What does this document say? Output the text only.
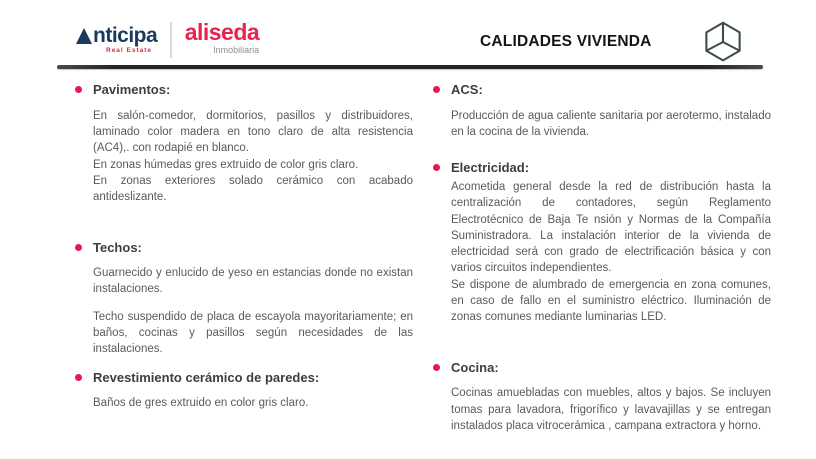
nticipa
Real Estate
aliseda
Inmobiliaria	CALIDADES VIVIENDA
Pavimentos:

En salón-comedor, dormitorios, pasillos y distribuidores, laminado color madera en tono claro de alta resistencia (AC4),. con rodapié en blanco.

En zonas húmedas gres extruido de color gris claro.

En zonas exteriores solado cerámico con acabado antideslizante.

Techos:

Guarnecido y enlucido de yeso en estancias donde no existan instalaciones.

Techo suspendido de placa de escayola mayoritariamente; en baños, cocinas y pasillos según necesidades de las instalaciones.

Revestimiento cerámico de paredes:

Baños de gres extruido en color gris claro.

ACS:

Producción de agua caliente sanitaria por aerotermo, instalado en la cocina de la vivienda.

Electricidad:

Acometida general desde la red de distribución hasta la centralización de contadores, según Reglamento Electrotécnico de Baja Te nsión y Normas de la Compañía Suministradora. La instalación interior de la vivienda de electricidad será con grado de electrificación básica y con varios circuitos independientes.

Se dispone de alumbrado de emergencia en zona comunes, en caso de fallo en el suministro eléctrico. Iluminación de zonas comunes mediante luminarias LED.

Cocina:

Cocinas amuebladas con muebles, altos y bajos. Se incluyen tomas para lavadora, frigorífico y lavavajillas y se entregan instalados placa vitrocerámica , campana extractora y horno.
